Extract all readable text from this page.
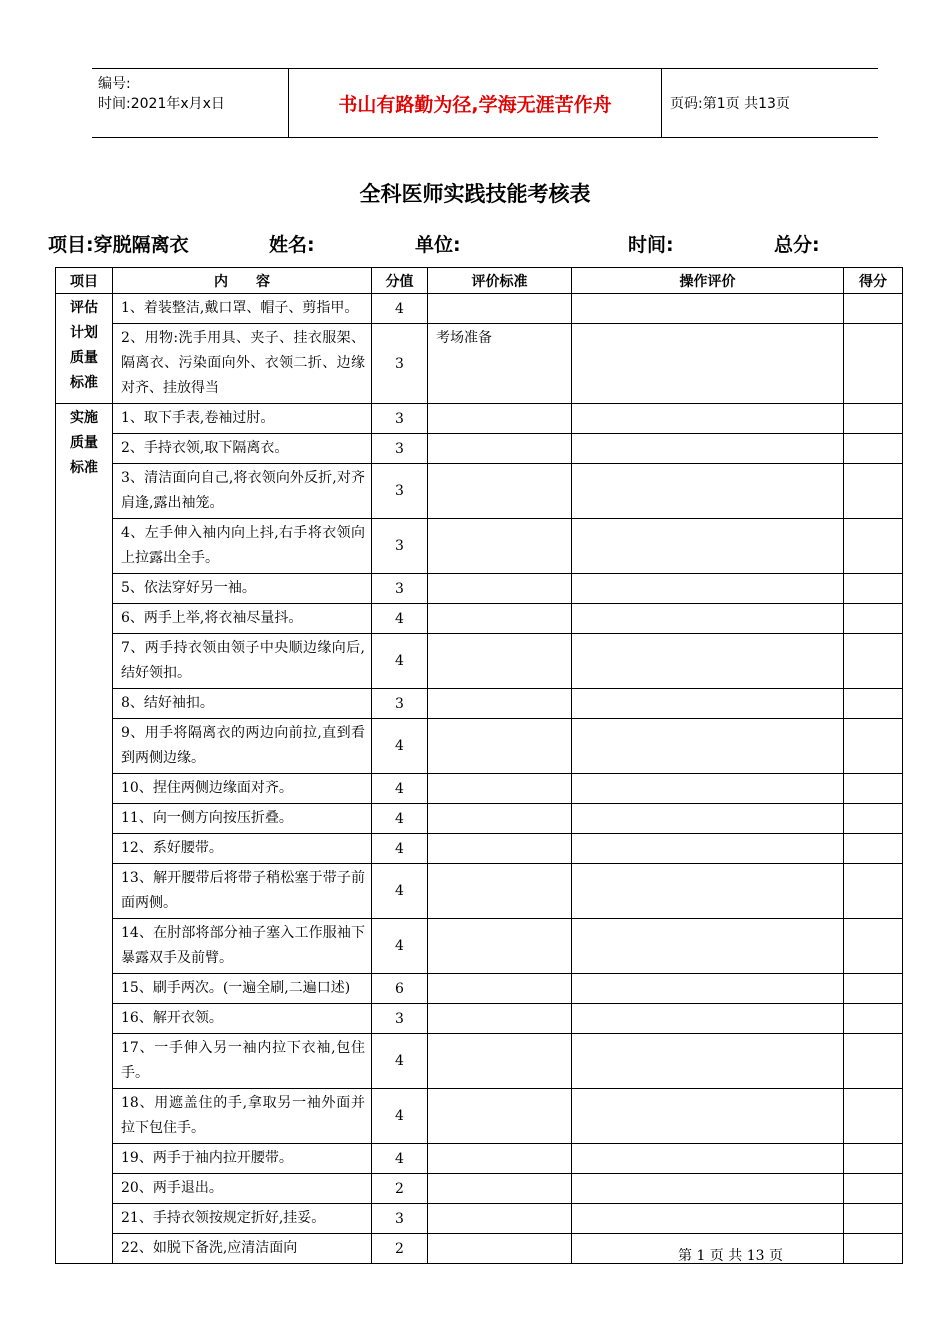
编号:
时间:2021年x月x日	书山有路勤为径,学海无涯苦作舟	页码:第1页 共13页
全科医师实践技能考核表
项目:穿脱隔离衣	姓名:	单位:	时间:	总分:
项目	内　　容	分值	评价标准	操作评价	得分

评估
计划
质量
标准	1、着装整洁,戴口罩、帽子、剪指甲。	4			
	2、用物:洗手用具、夹子、挂衣服架、隔离衣、污染面向外、衣领二折、边缘对齐、挂放得当	3	考场准备		

实施
质量
标准	1、取下手表,卷袖过肘。	3			
	2、手持衣领,取下隔离衣。	3			
	3、清洁面向自己,将衣领向外反折,对齐肩逢,露出袖笼。	3			
	4、左手伸入袖内向上抖,右手将衣领向上拉露出全手。	3			
	5、依法穿好另一袖。	3			
	6、两手上举,将衣袖尽量抖。	4			
	7、两手持衣领由领子中央顺边缘向后,结好领扣。	4			
	8、结好袖扣。	3			
	9、用手将隔离衣的两边向前拉,直到看到两侧边缘。	4			
	10、捏住两侧边缘面对齐。	4			
	11、向一侧方向按压折叠。	4			
	12、系好腰带。	4			
	13、解开腰带后将带子稍松塞于带子前面两侧。	4			
	14、在肘部将部分袖子塞入工作服袖下暴露双手及前臂。	4			
	15、刷手两次。(一遍全刷,二遍口述)	6			
	16、解开衣领。	3			
	17、一手伸入另一袖内拉下衣袖,包住手。	4			
	18、用遮盖住的手,拿取另一袖外面并拉下包住手。	4			
	19、两手于袖内拉开腰带。	4			
	20、两手退出。	2			
	21、手持衣领按规定折好,挂妥。	3			
	22、如脱下备洗,应清洁面向	2				第 1 页 共 13 页
